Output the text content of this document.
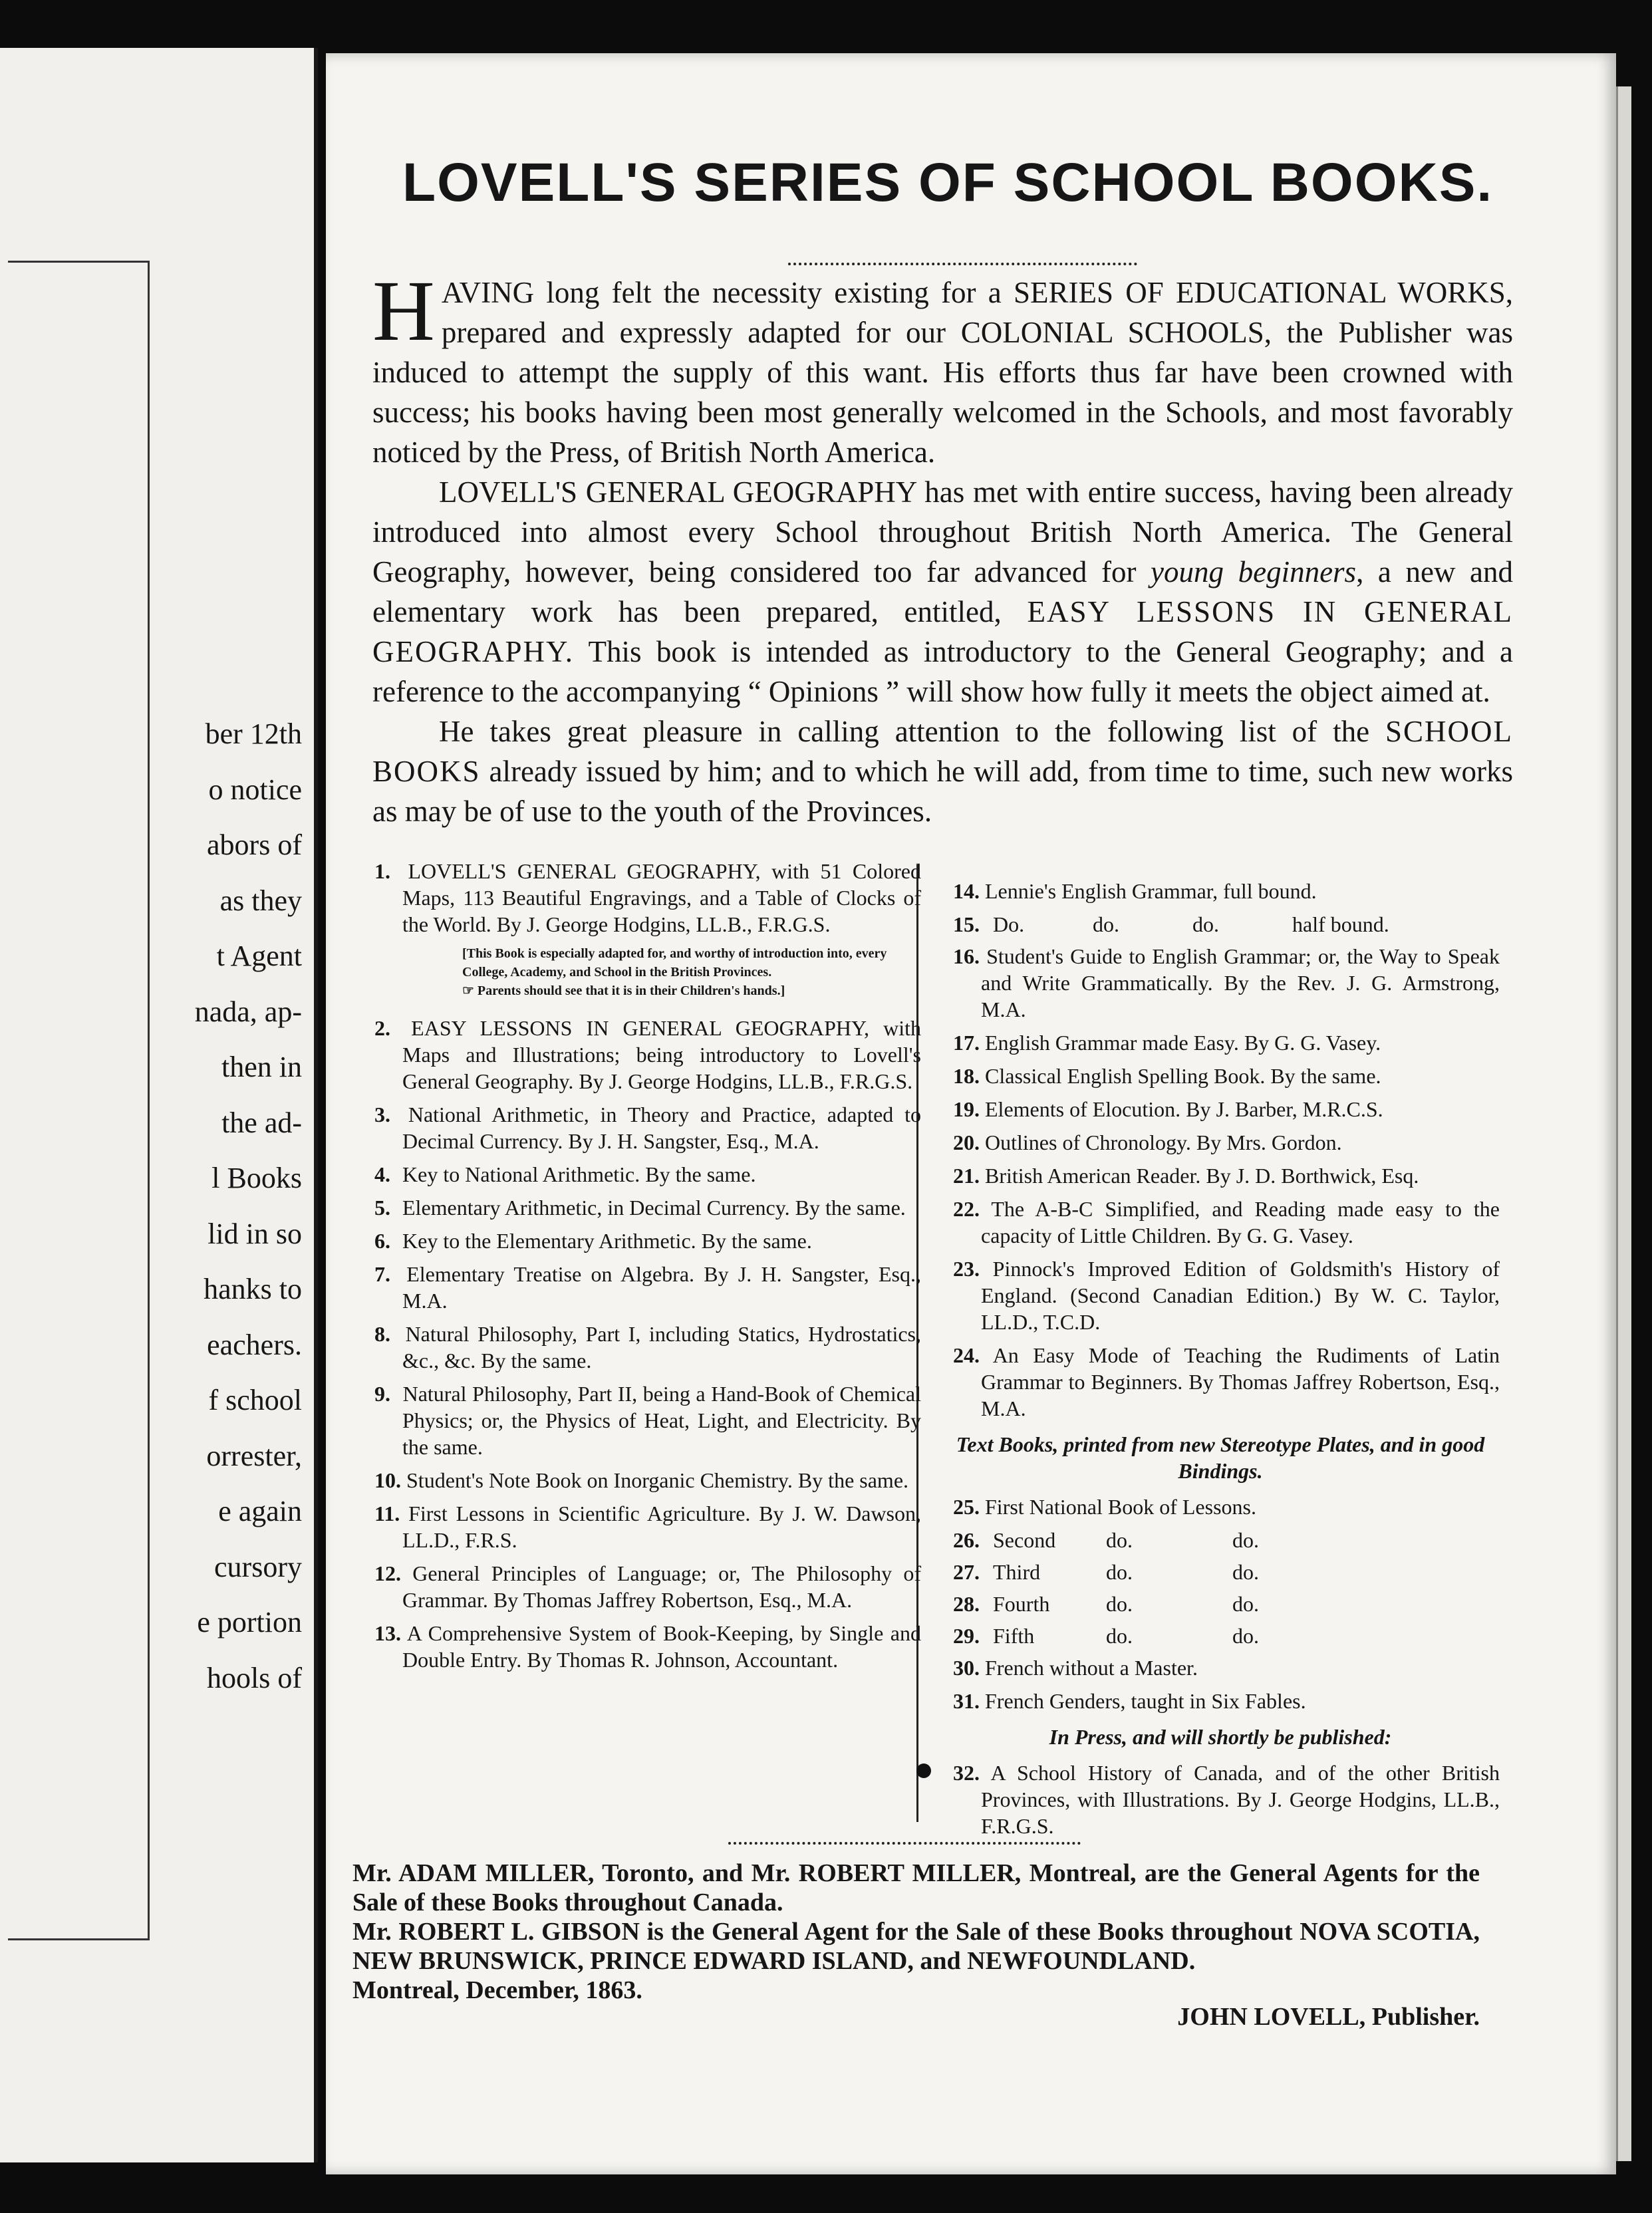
ber 12th
o notice
abors of
as they
t Agent
nada, ap-
then in
the ad-
l Books
lid in so
hanks to
eachers.
f school
orrester,
e again
cursory
e portion
hools of
LOVELL'S SERIES OF SCHOOL BOOKS.

HAVING long felt the necessity existing for a SERIES OF EDUCATIONAL WORKS, prepared and expressly adapted for our COLONIAL SCHOOLS, the Publisher was induced to attempt the supply of this want. His efforts thus far have been crowned with success; his books having been most generally welcomed in the Schools, and most favorably noticed by the Press, of British North America.

LOVELL'S GENERAL GEOGRAPHY has met with entire success, having been already introduced into almost every School throughout British North America. The General Geography, however, being considered too far advanced for young beginners, a new and elementary work has been prepared, entitled, EASY LESSONS IN GENERAL GEOGRAPHY. This book is intended as introductory to the General Geography; and a reference to the accompanying “ Opinions ” will show how fully it meets the object aimed at.

He takes great pleasure in calling attention to the following list of the SCHOOL BOOKS already issued by him; and to which he will add, from time to time, such new works as may be of use to the youth of the Provinces.

1. LOVELL'S GENERAL GEOGRAPHY, with 51 Colored Maps, 113 Beautiful Engravings, and a Table of Clocks of the World. By J. George Hodgins, LL.B., F.R.G.S.
[This Book is especially adapted for, and worthy of introduction into, every College, Academy, and School in the British Provinces.
☞ Parents should see that it is in their Children's hands.]
2. EASY LESSONS IN GENERAL GEOGRAPHY, with Maps and Illustrations; being introductory to Lovell's General Geography. By J. George Hodgins, LL.B., F.R.G.S.
3. National Arithmetic, in Theory and Practice, adapted to Decimal Currency. By J. H. Sangster, Esq., M.A.
4. Key to National Arithmetic. By the same.
5. Elementary Arithmetic, in Decimal Currency. By the same.
6. Key to the Elementary Arithmetic. By the same.
7. Elementary Treatise on Algebra. By J. H. Sangster, Esq., M.A.
8. Natural Philosophy, Part I, including Statics, Hydrostatics, &c., &c. By the same.
9. Natural Philosophy, Part II, being a Hand-Book of Chemical Physics; or, the Physics of Heat, Light, and Electricity. By the same.
10. Student's Note Book on Inorganic Chemistry. By the same.
11. First Lessons in Scientific Agriculture. By J. W. Dawson, LL.D., F.R.S.
12. General Principles of Language; or, The Philosophy of Grammar. By Thomas Jaffrey Robertson, Esq., M.A.
13. A Comprehensive System of Book-Keeping, by Single and Double Entry. By Thomas R. Johnson, Accountant.
14. Lennie's English Grammar, full bound.
15. Do.	do.	do.	half bound.
16. Student's Guide to English Grammar; or, the Way to Speak and Write Grammatically. By the Rev. J. G. Armstrong, M.A.
17. English Grammar made Easy. By G. G. Vasey.
18. Classical English Spelling Book. By the same.
19. Elements of Elocution. By J. Barber, M.R.C.S.
20. Outlines of Chronology. By Mrs. Gordon.
21. British American Reader. By J. D. Borthwick, Esq.
22. The A-B-C Simplified, and Reading made easy to the capacity of Little Children. By G. G. Vasey.
23. Pinnock's Improved Edition of Goldsmith's History of England. (Second Canadian Edition.) By W. C. Taylor, LL.D., T.C.D.
24. An Easy Mode of Teaching the Rudiments of Latin Grammar to Beginners. By Thomas Jaffrey Robertson, Esq., M.A.
Text Books, printed from new Stereotype Plates, and in good Bindings.
25. First National Book of Lessons.
26. Second	do.	do.
27. Third	do.	do.
28. Fourth	do.	do.
29. Fifth	do.	do.
30. French without a Master.
31. French Genders, taught in Six Fables.
In Press, and will shortly be published:
32. A School History of Canada, and of the other British Provinces, with Illustrations. By J. George Hodgins, LL.B., F.R.G.S.

Mr. ADAM MILLER, Toronto, and Mr. ROBERT MILLER, Montreal, are the General Agents for the Sale of these Books throughout Canada.

Mr. ROBERT L. GIBSON is the General Agent for the Sale of these Books throughout NOVA SCOTIA, NEW BRUNSWICK, PRINCE EDWARD ISLAND, and NEWFOUNDLAND.

Montreal, December, 1863.
JOHN LOVELL, Publisher.
